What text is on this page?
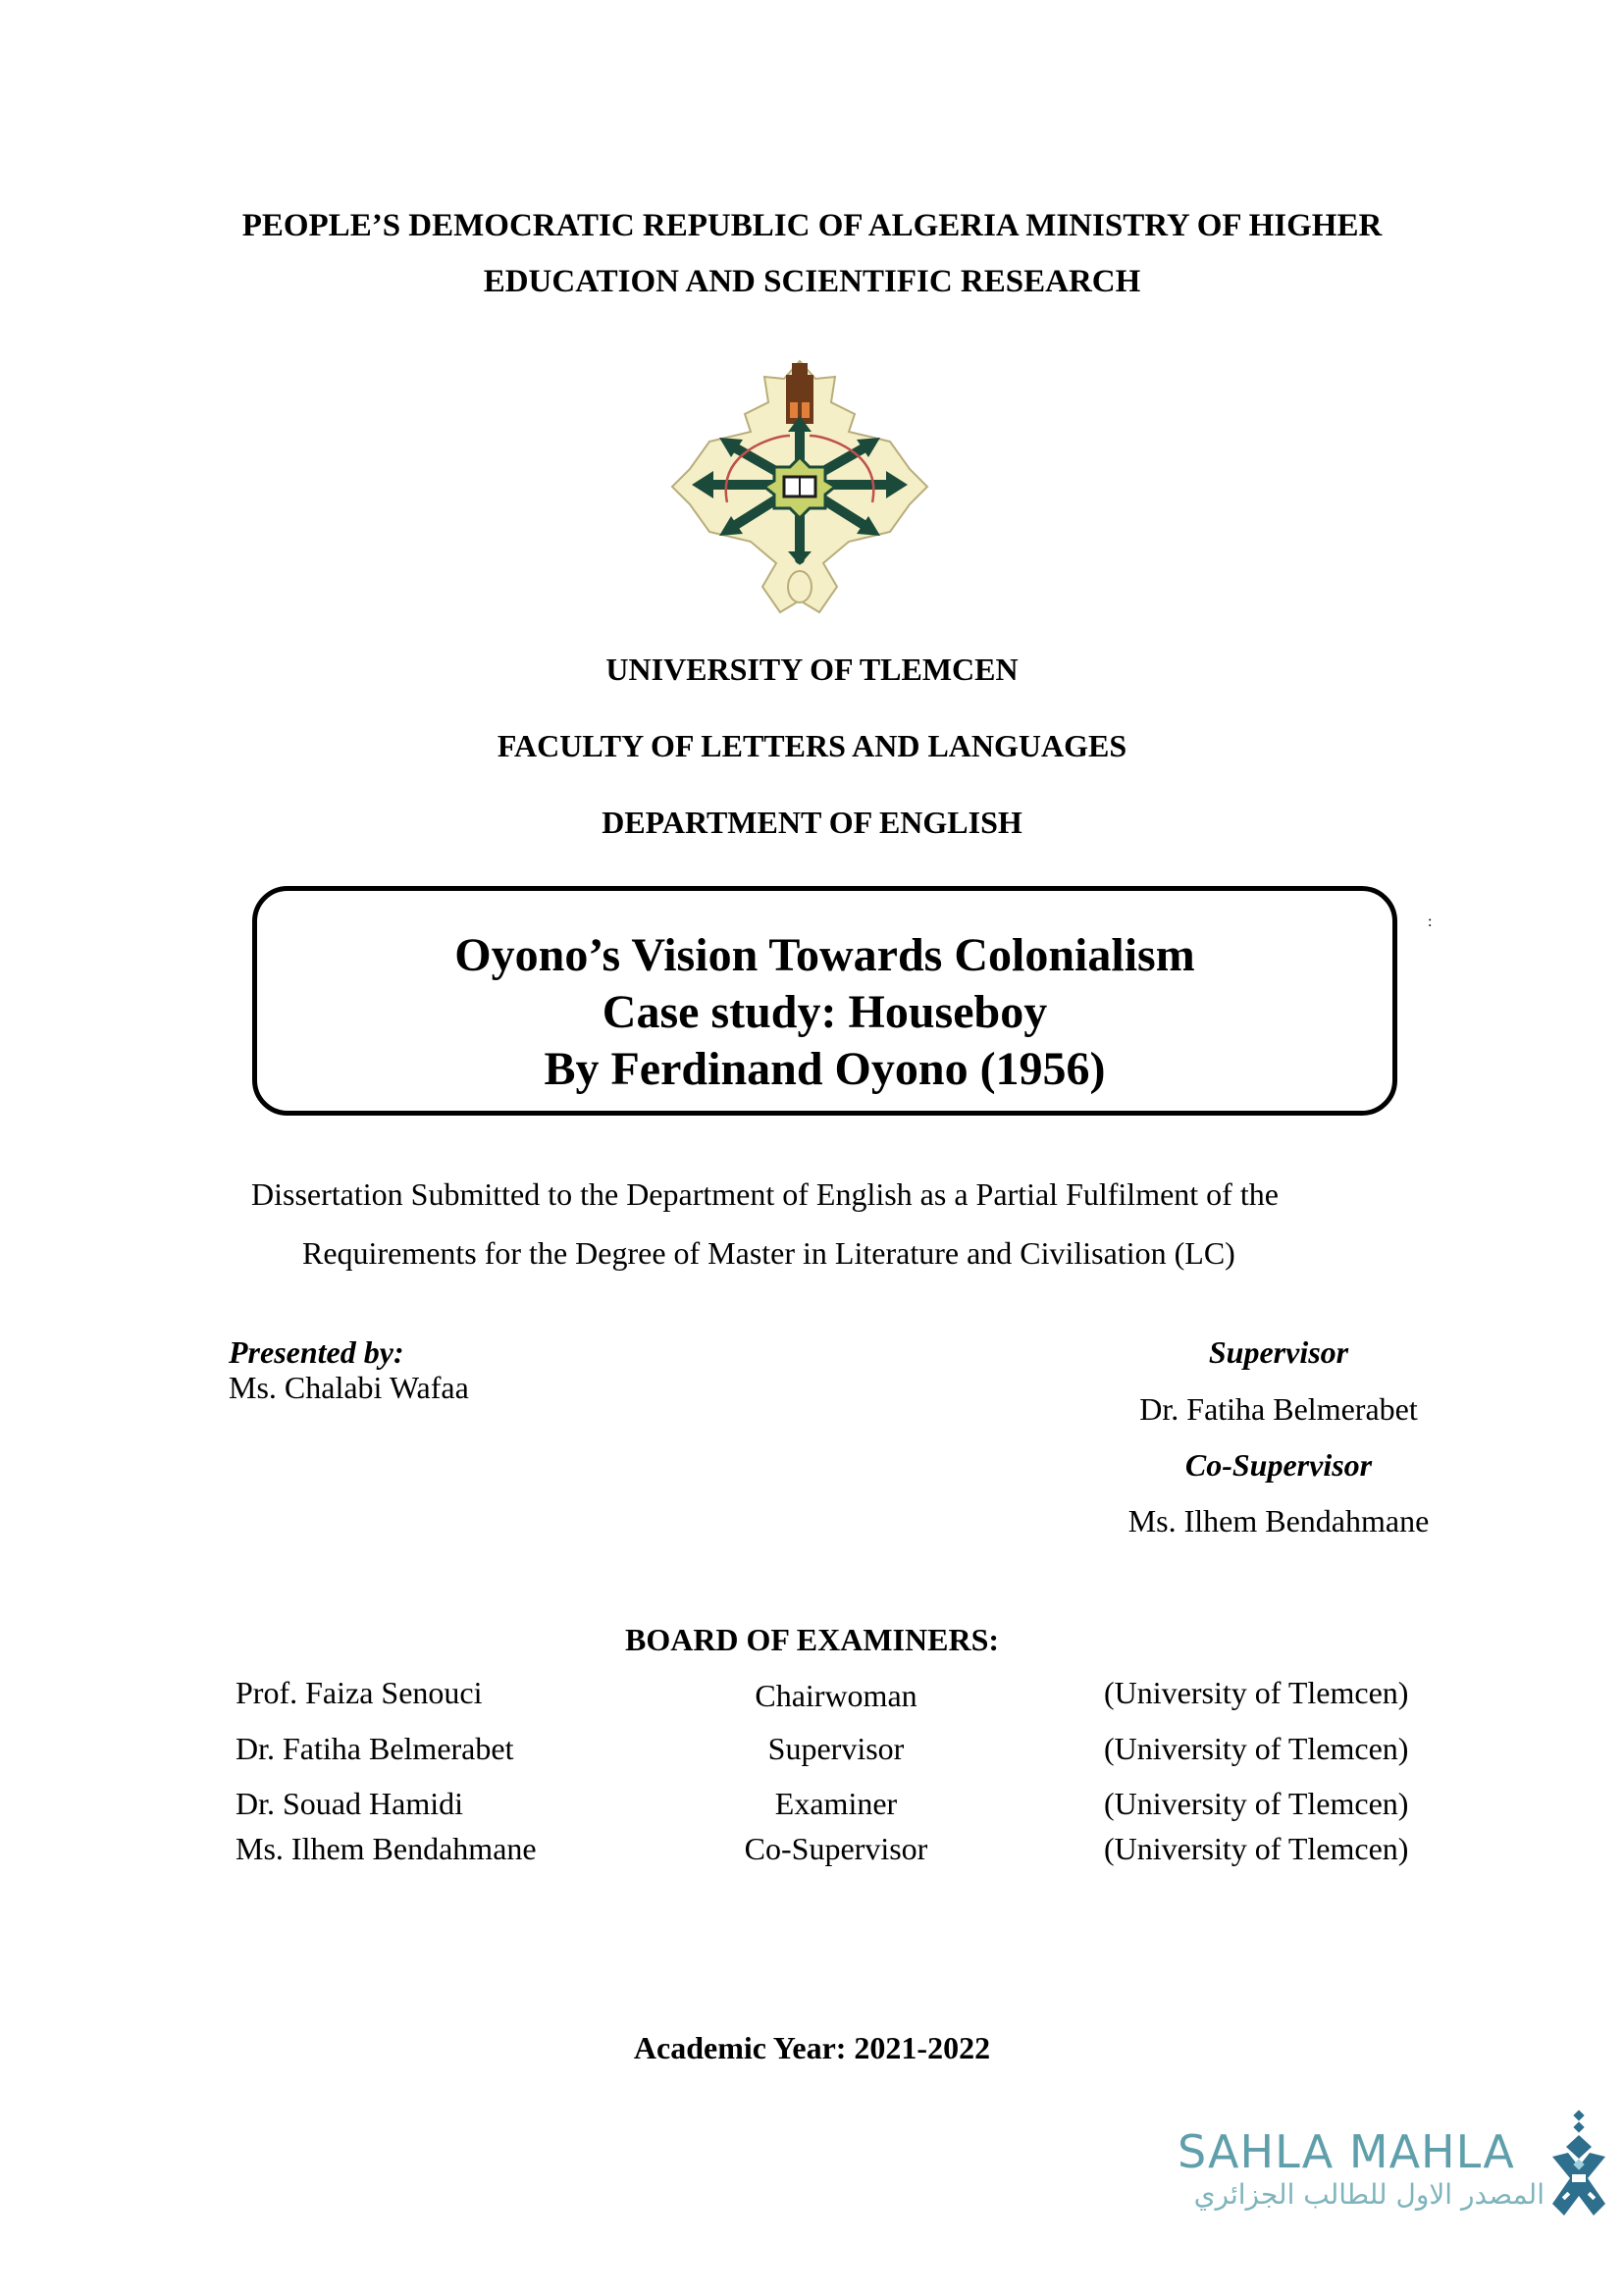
PEOPLE’S DEMOCRATIC REPUBLIC OF ALGERIA MINISTRY OF HIGHER
EDUCATION AND SCIENTIFIC RESEARCH
UNIVERSITY OF TLEMCEN
FACULTY OF LETTERS AND LANGUAGES
DEPARTMENT OF ENGLISH
Oyono’s Vision Towards Colonialism
Case study: Houseboy
By Ferdinand Oyono (1956)
:
Dissertation Submitted to the Department of English as a Partial Fulfilment of the
Requirements for the Degree of Master in Literature and Civilisation (LC)
Presented by:
Ms. Chalabi Wafaa
Supervisor
Dr. Fatiha Belmerabet
Co-Supervisor
Ms. Ilhem Bendahmane
BOARD OF EXAMINERS:
Prof. Faiza Senouci	Chairwoman	(University of Tlemcen)
Dr. Fatiha Belmerabet	Supervisor	(University of Tlemcen)
Dr. Souad Hamidi	Examiner	(University of Tlemcen)
Ms. Ilhem Bendahmane	Co-Supervisor	(University of Tlemcen)
Academic Year: 2021-2022
SAHLA MAHLA
المصدر الاول للطالب الجزائري
